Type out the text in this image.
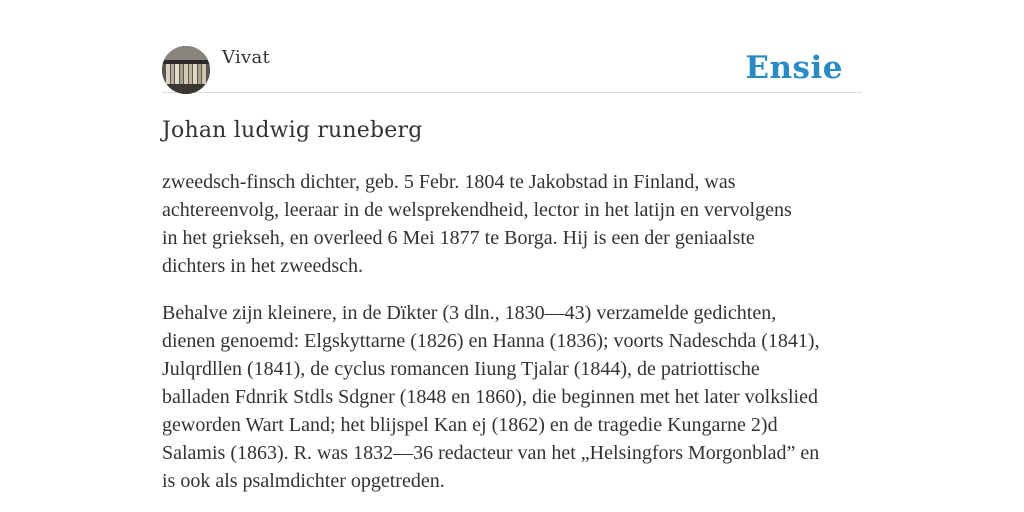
Vivat	Ensie
Johan ludwig runeberg

zweedsch-finsch dichter, geb. 5 Febr. 1804 te Jakobstad in Finland, was
achtereenvolg, leeraar in de welsprekendheid, lector in het latijn en vervolgens
in het griekseh, en overleed 6 Mei 1877 te Borga. Hij is een der geniaalste
dichters in het zweedsch.

Behalve zijn kleinere, in de Dïkter (3 dln., 1830—43) verzamelde gedichten,
dienen genoemd: Elgskyttarne (1826) en Hanna (1836); voorts Nadeschda (1841),
Julqrdllen (1841), de cyclus romancen Iiung Tjalar (1844), de patriottische
balladen Fdnrik Stdls Sdgner (1848 en 1860), die beginnen met het later volkslied
geworden Wart Land; het blijspel Kan ej (1862) en de tragedie Kungarne 2)d
Salamis (1863). R. was 1832—36 redacteur van het „Helsingfors Morgonblad” en
is ook als psalmdichter opgetreden.
